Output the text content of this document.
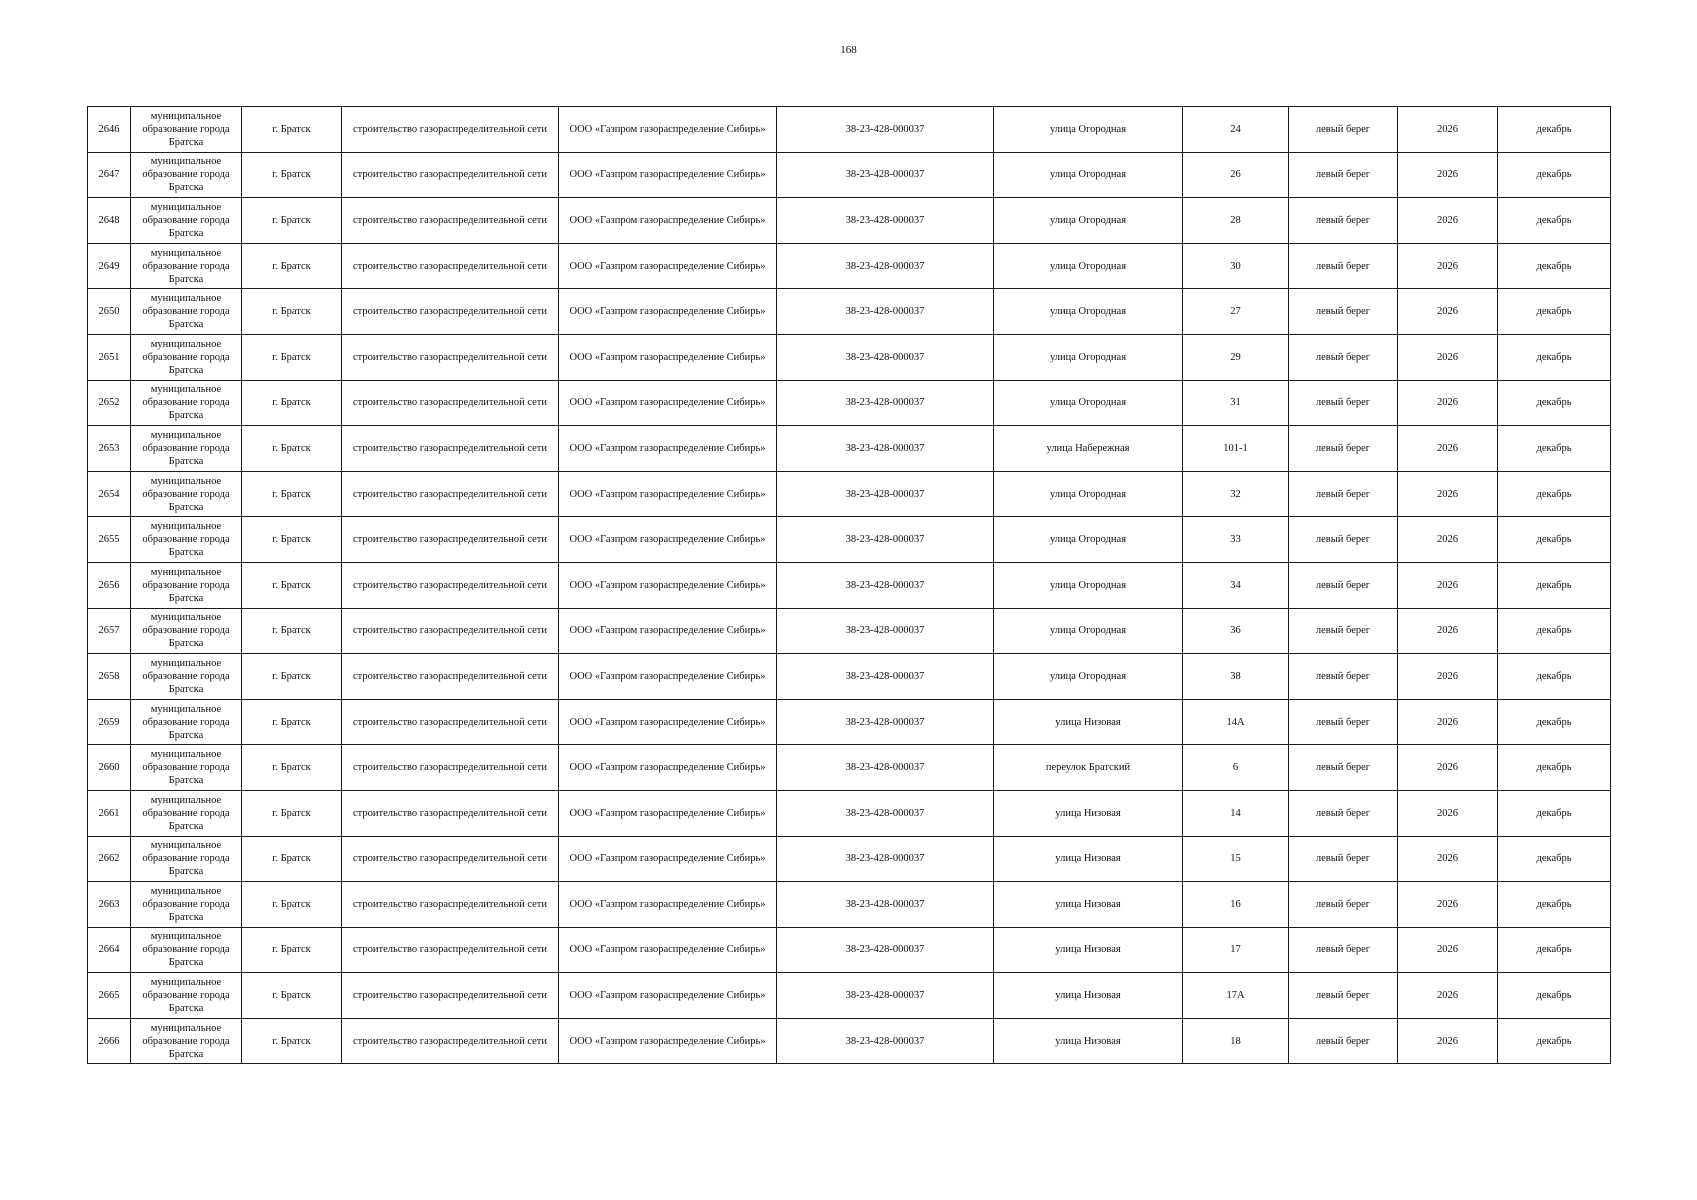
168
2646	муниципальное образование города Братска	г. Братск	строительство газораспределительной сети	ООО «Газпром газораспределение Сибирь»	38-23-428-000037	улица Огородная	24	левый берег	2026	декабрь
2647	муниципальное образование города Братска	г. Братск	строительство газораспределительной сети	ООО «Газпром газораспределение Сибирь»	38-23-428-000037	улица Огородная	26	левый берег	2026	декабрь
2648	муниципальное образование города Братска	г. Братск	строительство газораспределительной сети	ООО «Газпром газораспределение Сибирь»	38-23-428-000037	улица Огородная	28	левый берег	2026	декабрь
2649	муниципальное образование города Братска	г. Братск	строительство газораспределительной сети	ООО «Газпром газораспределение Сибирь»	38-23-428-000037	улица Огородная	30	левый берег	2026	декабрь
2650	муниципальное образование города Братска	г. Братск	строительство газораспределительной сети	ООО «Газпром газораспределение Сибирь»	38-23-428-000037	улица Огородная	27	левый берег	2026	декабрь
2651	муниципальное образование города Братска	г. Братск	строительство газораспределительной сети	ООО «Газпром газораспределение Сибирь»	38-23-428-000037	улица Огородная	29	левый берег	2026	декабрь
2652	муниципальное образование города Братска	г. Братск	строительство газораспределительной сети	ООО «Газпром газораспределение Сибирь»	38-23-428-000037	улица Огородная	31	левый берег	2026	декабрь
2653	муниципальное образование города Братска	г. Братск	строительство газораспределительной сети	ООО «Газпром газораспределение Сибирь»	38-23-428-000037	улица Набережная	101-1	левый берег	2026	декабрь
2654	муниципальное образование города Братска	г. Братск	строительство газораспределительной сети	ООО «Газпром газораспределение Сибирь»	38-23-428-000037	улица Огородная	32	левый берег	2026	декабрь
2655	муниципальное образование города Братска	г. Братск	строительство газораспределительной сети	ООО «Газпром газораспределение Сибирь»	38-23-428-000037	улица Огородная	33	левый берег	2026	декабрь
2656	муниципальное образование города Братска	г. Братск	строительство газораспределительной сети	ООО «Газпром газораспределение Сибирь»	38-23-428-000037	улица Огородная	34	левый берег	2026	декабрь
2657	муниципальное образование города Братска	г. Братск	строительство газораспределительной сети	ООО «Газпром газораспределение Сибирь»	38-23-428-000037	улица Огородная	36	левый берег	2026	декабрь
2658	муниципальное образование города Братска	г. Братск	строительство газораспределительной сети	ООО «Газпром газораспределение Сибирь»	38-23-428-000037	улица Огородная	38	левый берег	2026	декабрь
2659	муниципальное образование города Братска	г. Братск	строительство газораспределительной сети	ООО «Газпром газораспределение Сибирь»	38-23-428-000037	улица Низовая	14А	левый берег	2026	декабрь
2660	муниципальное образование города Братска	г. Братск	строительство газораспределительной сети	ООО «Газпром газораспределение Сибирь»	38-23-428-000037	переулок Братский	6	левый берег	2026	декабрь
2661	муниципальное образование города Братска	г. Братск	строительство газораспределительной сети	ООО «Газпром газораспределение Сибирь»	38-23-428-000037	улица Низовая	14	левый берег	2026	декабрь
2662	муниципальное образование города Братска	г. Братск	строительство газораспределительной сети	ООО «Газпром газораспределение Сибирь»	38-23-428-000037	улица Низовая	15	левый берег	2026	декабрь
2663	муниципальное образование города Братска	г. Братск	строительство газораспределительной сети	ООО «Газпром газораспределение Сибирь»	38-23-428-000037	улица Низовая	16	левый берег	2026	декабрь
2664	муниципальное образование города Братска	г. Братск	строительство газораспределительной сети	ООО «Газпром газораспределение Сибирь»	38-23-428-000037	улица Низовая	17	левый берег	2026	декабрь
2665	муниципальное образование города Братска	г. Братск	строительство газораспределительной сети	ООО «Газпром газораспределение Сибирь»	38-23-428-000037	улица Низовая	17А	левый берег	2026	декабрь
2666	муниципальное образование города Братска	г. Братск	строительство газораспределительной сети	ООО «Газпром газораспределение Сибирь»	38-23-428-000037	улица Низовая	18	левый берег	2026	декабрь
